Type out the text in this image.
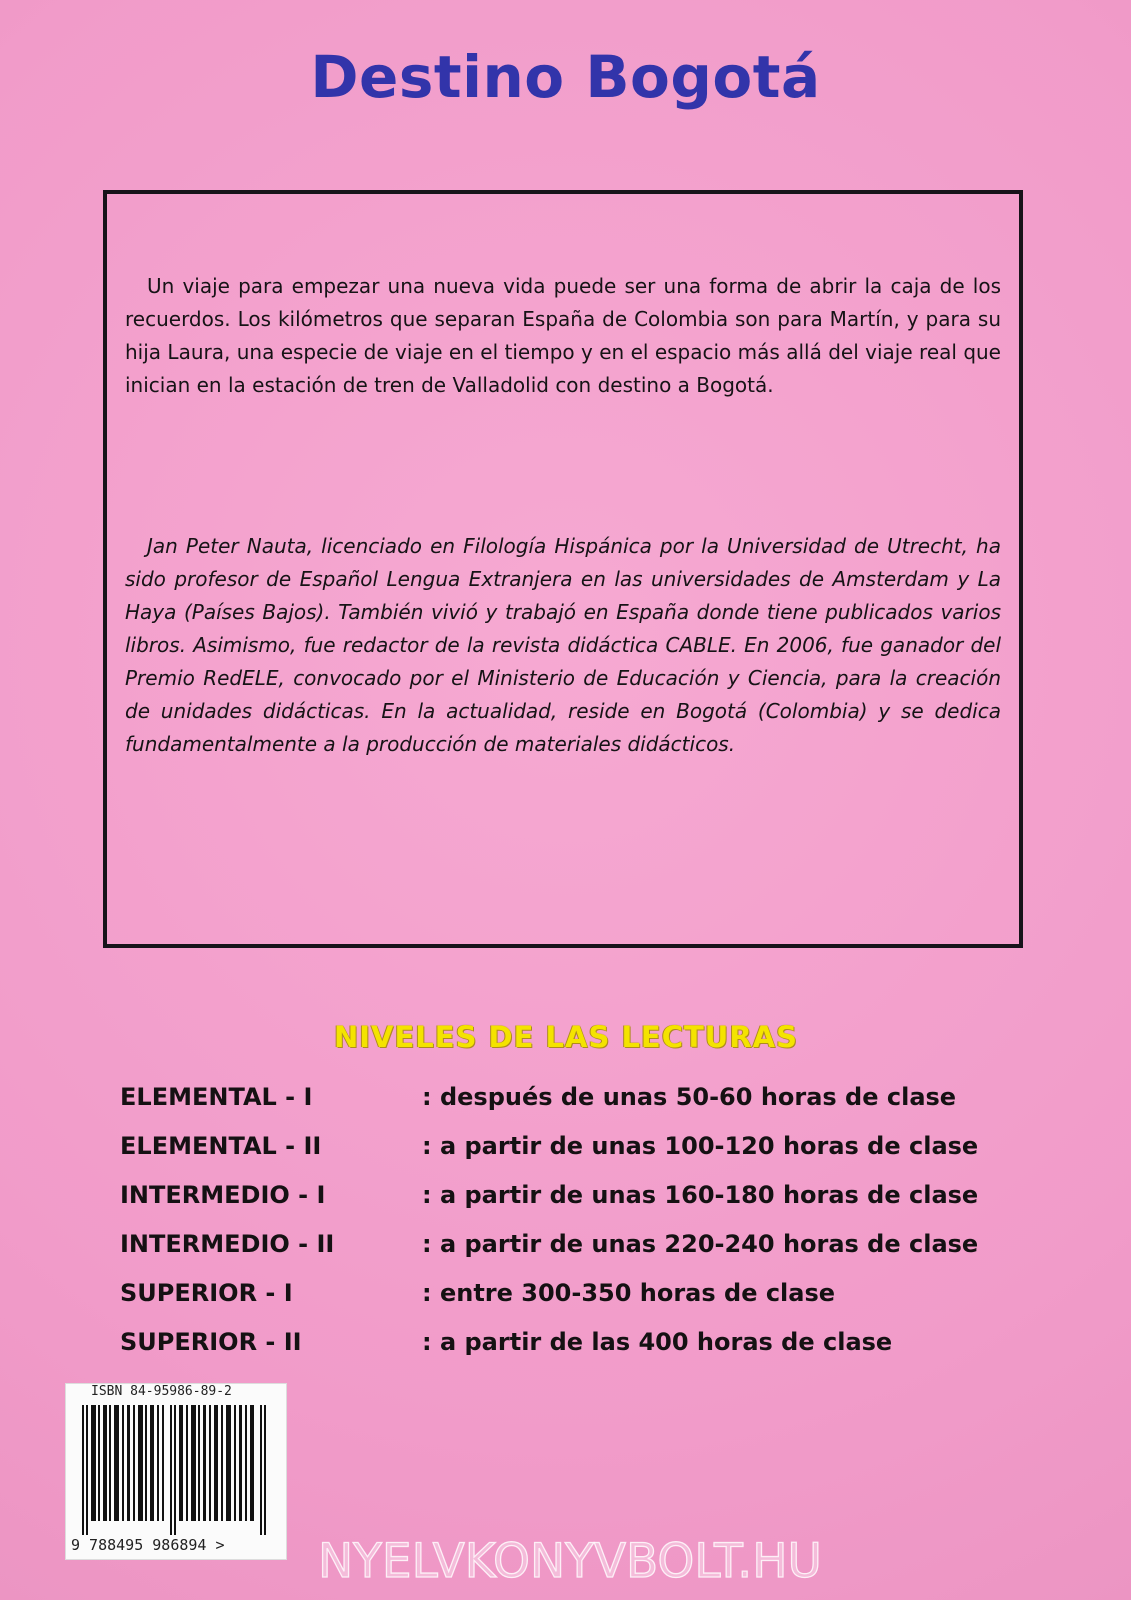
Destino Bogotá

Un viaje para empezar una nueva vida puede ser una forma de abrir la caja de los recuerdos. Los kilómetros que separan España de Colombia son para Martín, y para su hija Laura, una especie de viaje en el tiempo y en el espacio más allá del viaje real que inician en la estación de tren de Valladolid con destino a Bogotá.

Jan Peter Nauta, licenciado en Filología Hispánica por la Universidad de Utrecht, ha sido profesor de Español Lengua Extranjera en las universidades de Amsterdam y La Haya (Países Bajos). También vivió y trabajó en España donde tiene publicados varios libros. Asimismo, fue redactor de la revista didáctica CABLE. En 2006, fue ganador del Premio RedELE, convocado por el Ministerio de Educación y Ciencia, para la creación de unidades didácticas. En la actualidad, reside en Bogotá (Colombia) y se dedica fundamentalmente a la producción de materiales didácticos.

NIVELES DE LAS LECTURAS
ELEMENTAL - I	: después de unas 50-60 horas de clase
ELEMENTAL - II	: a partir de unas 100-120 horas de clase
INTERMEDIO - I	: a partir de unas 160-180 horas de clase
INTERMEDIO - II	: a partir de unas 220-240 horas de clase
SUPERIOR - I	: entre 300-350 horas de clase
SUPERIOR - II	: a partir de las 400 horas de clase
ISBN 84-95986-89-2
9 788495 986894 >	NYELVKONYVBOLT.HU
